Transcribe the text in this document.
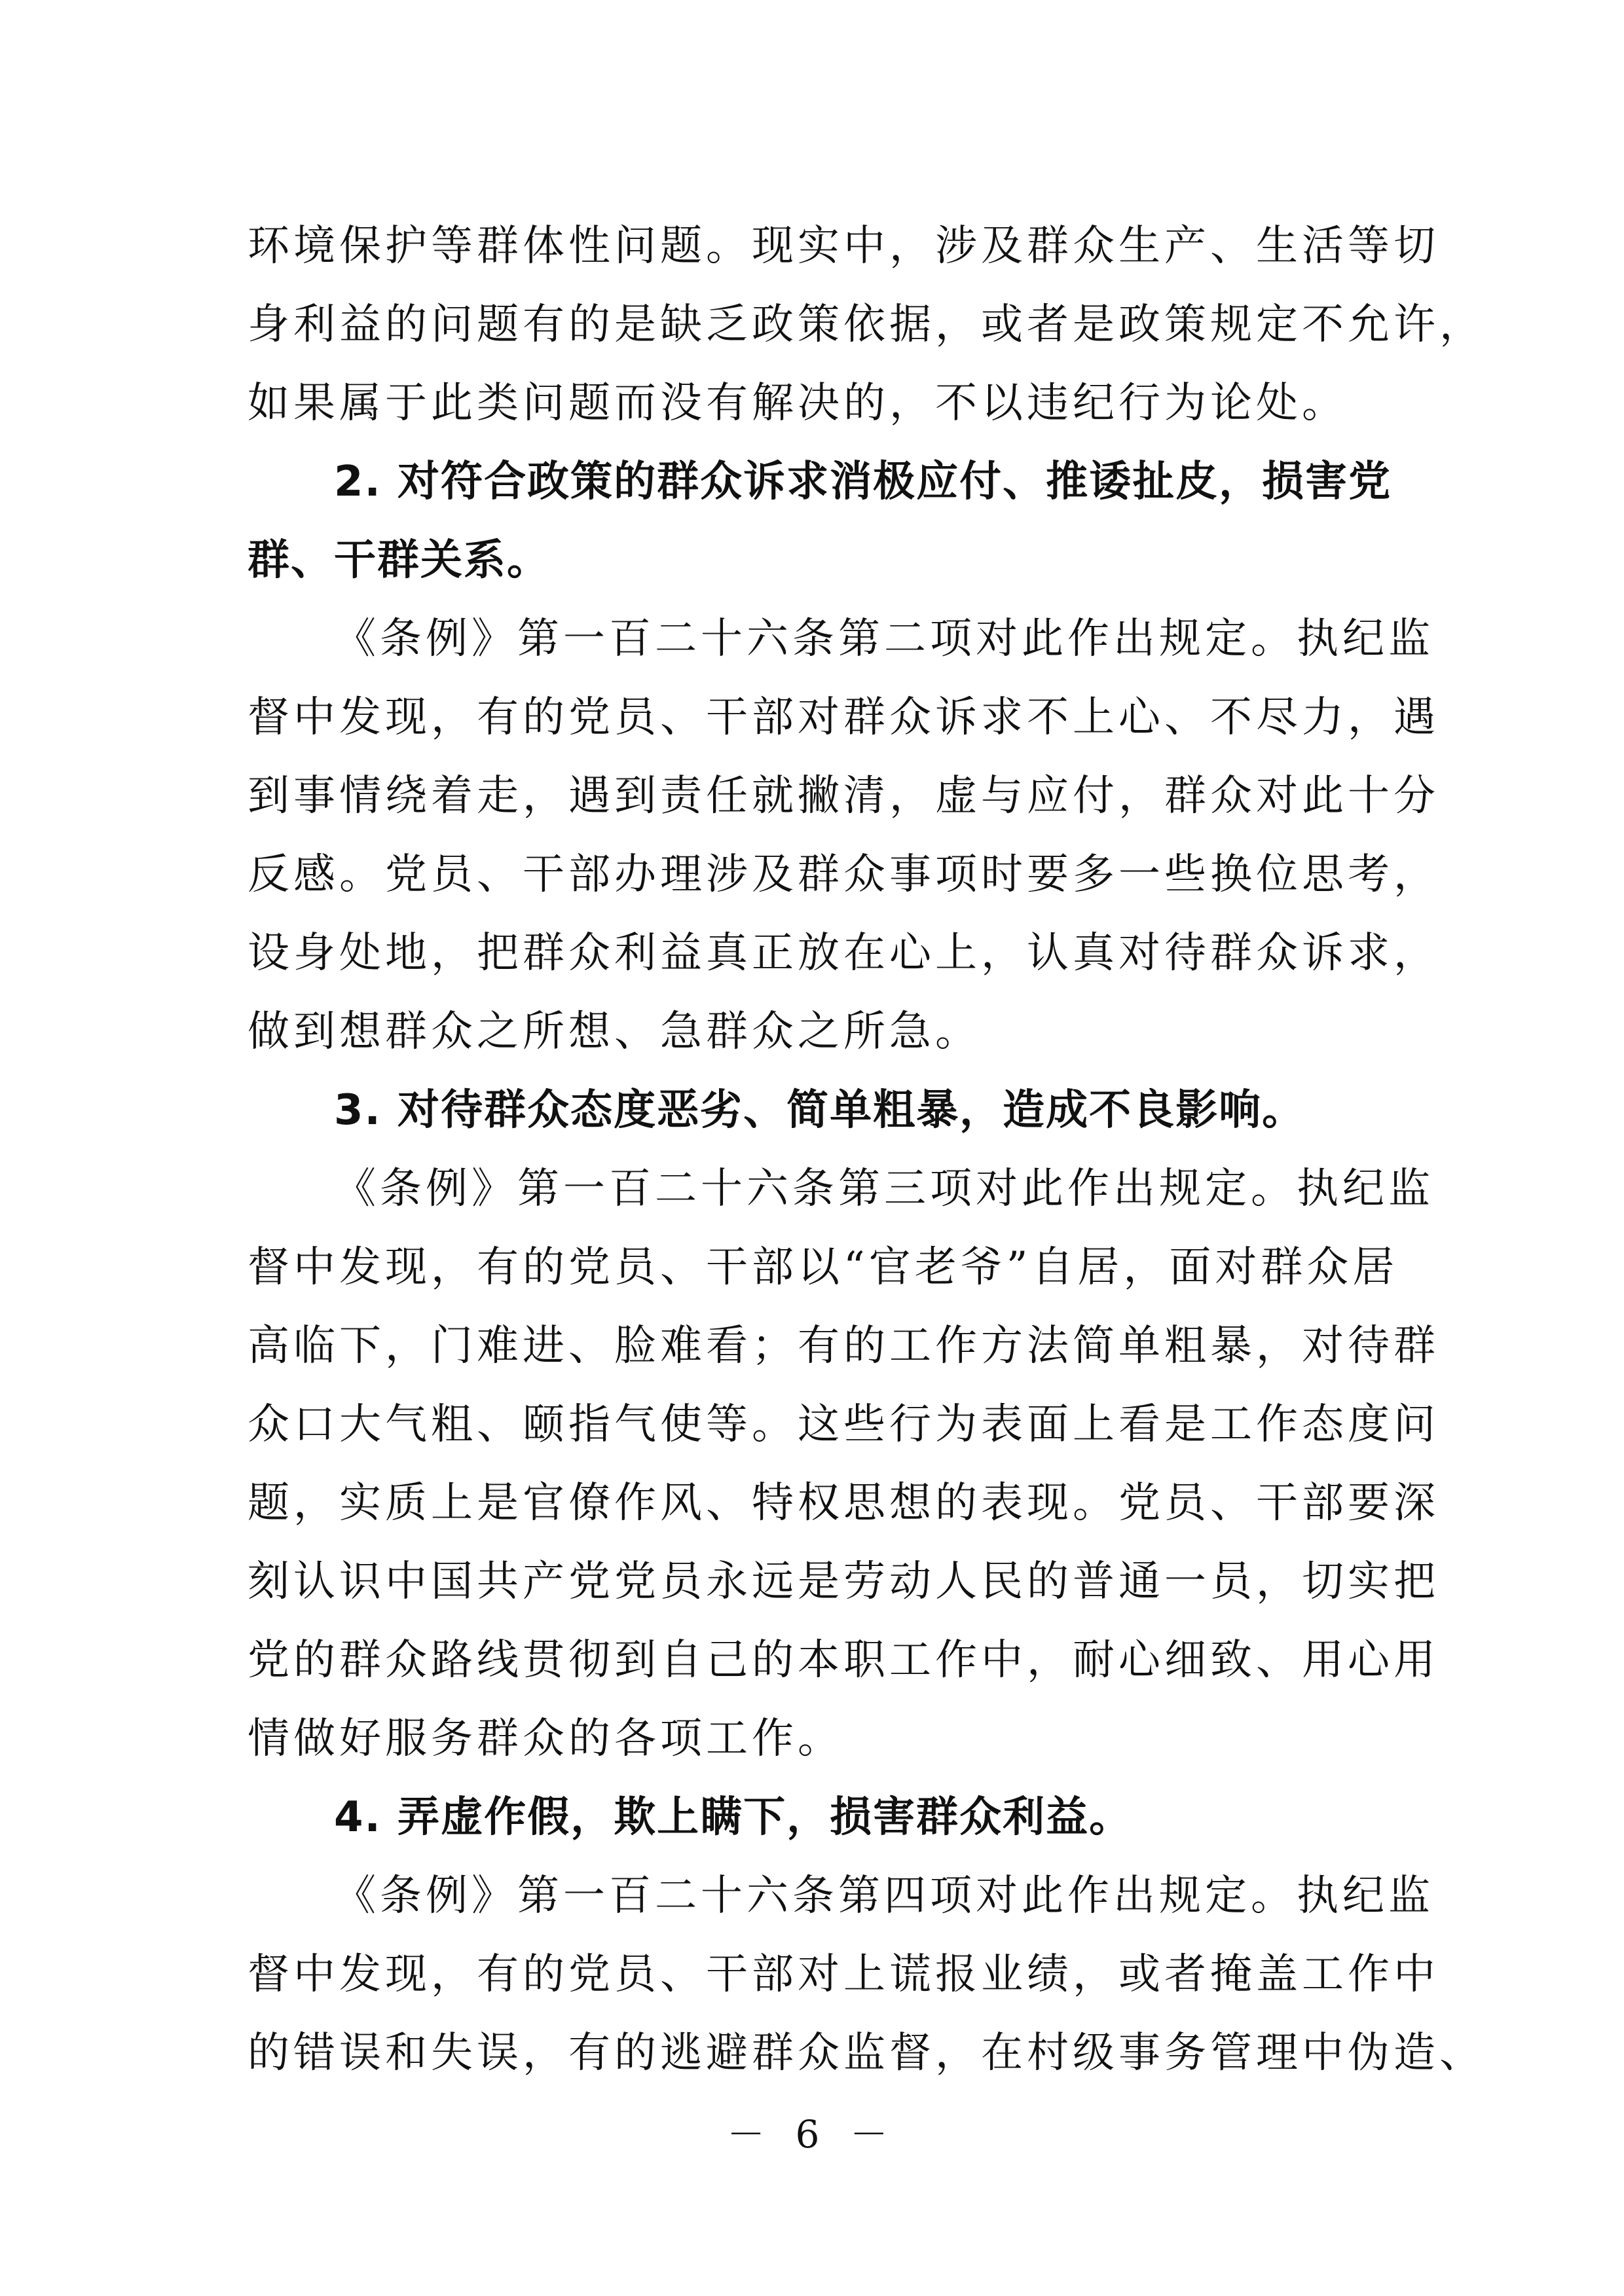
环境保护等群体性问题。现实中，涉及群众生产、生活等切
身利益的问题有的是缺乏政策依据，或者是政策规定不允许，
如果属于此类问题而没有解决的，不以违纪行为论处。
2. 对符合政策的群众诉求消极应付、推诿扯皮，损害党
群、干群关系。
《条例》第一百二十六条第二项对此作出规定。执纪监
督中发现，有的党员、干部对群众诉求不上心、不尽力，遇
到事情绕着走，遇到责任就撇清，虚与应付，群众对此十分
反感。党员、干部办理涉及群众事项时要多一些换位思考，
设身处地，把群众利益真正放在心上，认真对待群众诉求，
做到想群众之所想、急群众之所急。
3. 对待群众态度恶劣、简单粗暴，造成不良影响。
《条例》第一百二十六条第三项对此作出规定。执纪监
督中发现，有的党员、干部以“官老爷”自居，面对群众居
高临下，门难进、脸难看；有的工作方法简单粗暴，对待群
众口大气粗、颐指气使等。这些行为表面上看是工作态度问
题，实质上是官僚作风、特权思想的表现。党员、干部要深
刻认识中国共产党党员永远是劳动人民的普通一员，切实把
党的群众路线贯彻到自己的本职工作中，耐心细致、用心用
情做好服务群众的各项工作。
4. 弄虚作假，欺上瞒下，损害群众利益。
《条例》第一百二十六条第四项对此作出规定。执纪监
督中发现，有的党员、干部对上谎报业绩，或者掩盖工作中
的错误和失误，有的逃避群众监督，在村级事务管理中伪造、
－ 6 －
